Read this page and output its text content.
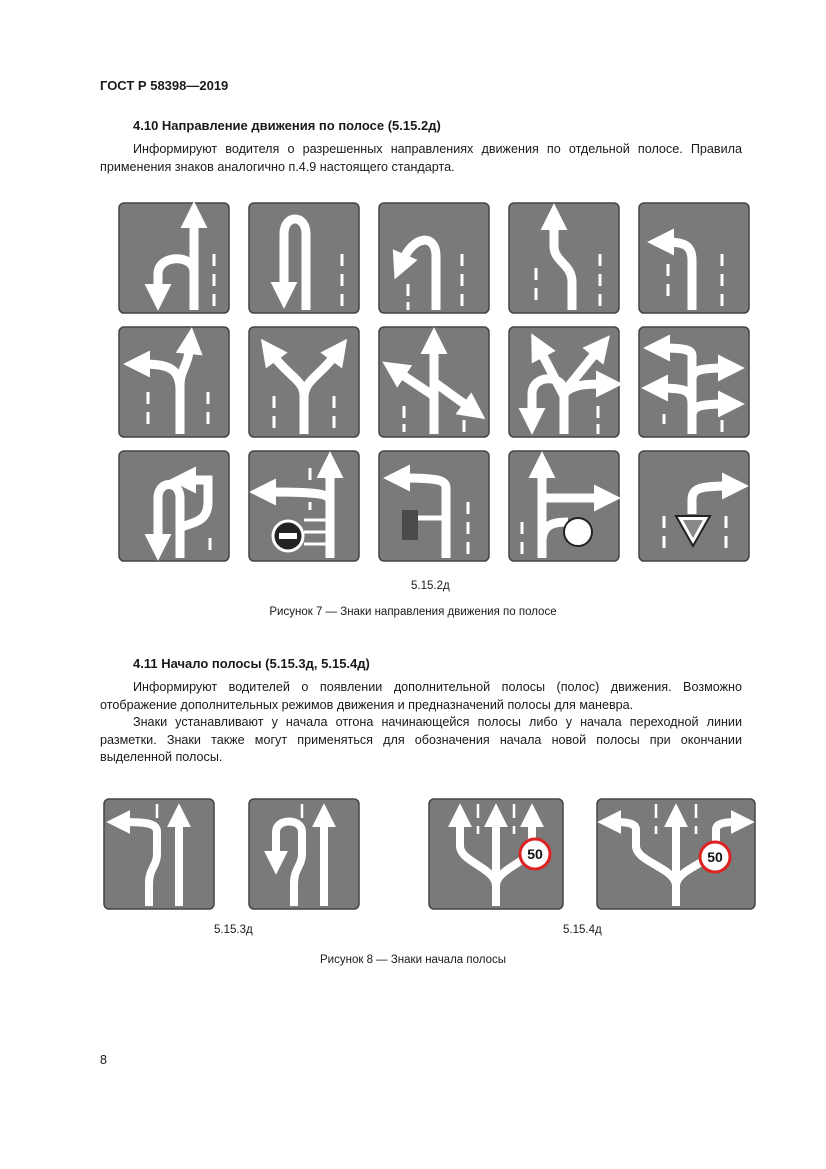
ГОСТ Р 58398—2019
4.10 Направление движения по полосе (5.15.2д)

Информируют водителя о разрешенных направлениях движения по отдельной полосе. Правила применения знаков аналогично п.4.9 настоящего стандарта.

5.15.2д
Рисунок 7 — Знаки направления движения по полосе
4.11 Начало полосы (5.15.3д, 5.15.4д)

Информируют водителей о появлении дополнительной полосы (полос) движения. Возможно отображение дополнительных режимов движения и предназначений полосы для маневра.

Знаки устанавливают у начала отгона начинающейся полосы либо у начала переходной линии разметки. Знаки также могут применяться для обозначения начала новой полосы при окончании выделенной полосы.

50	50
5.15.3д	5.15.4д
Рисунок 8 — Знаки начала полосы
8
